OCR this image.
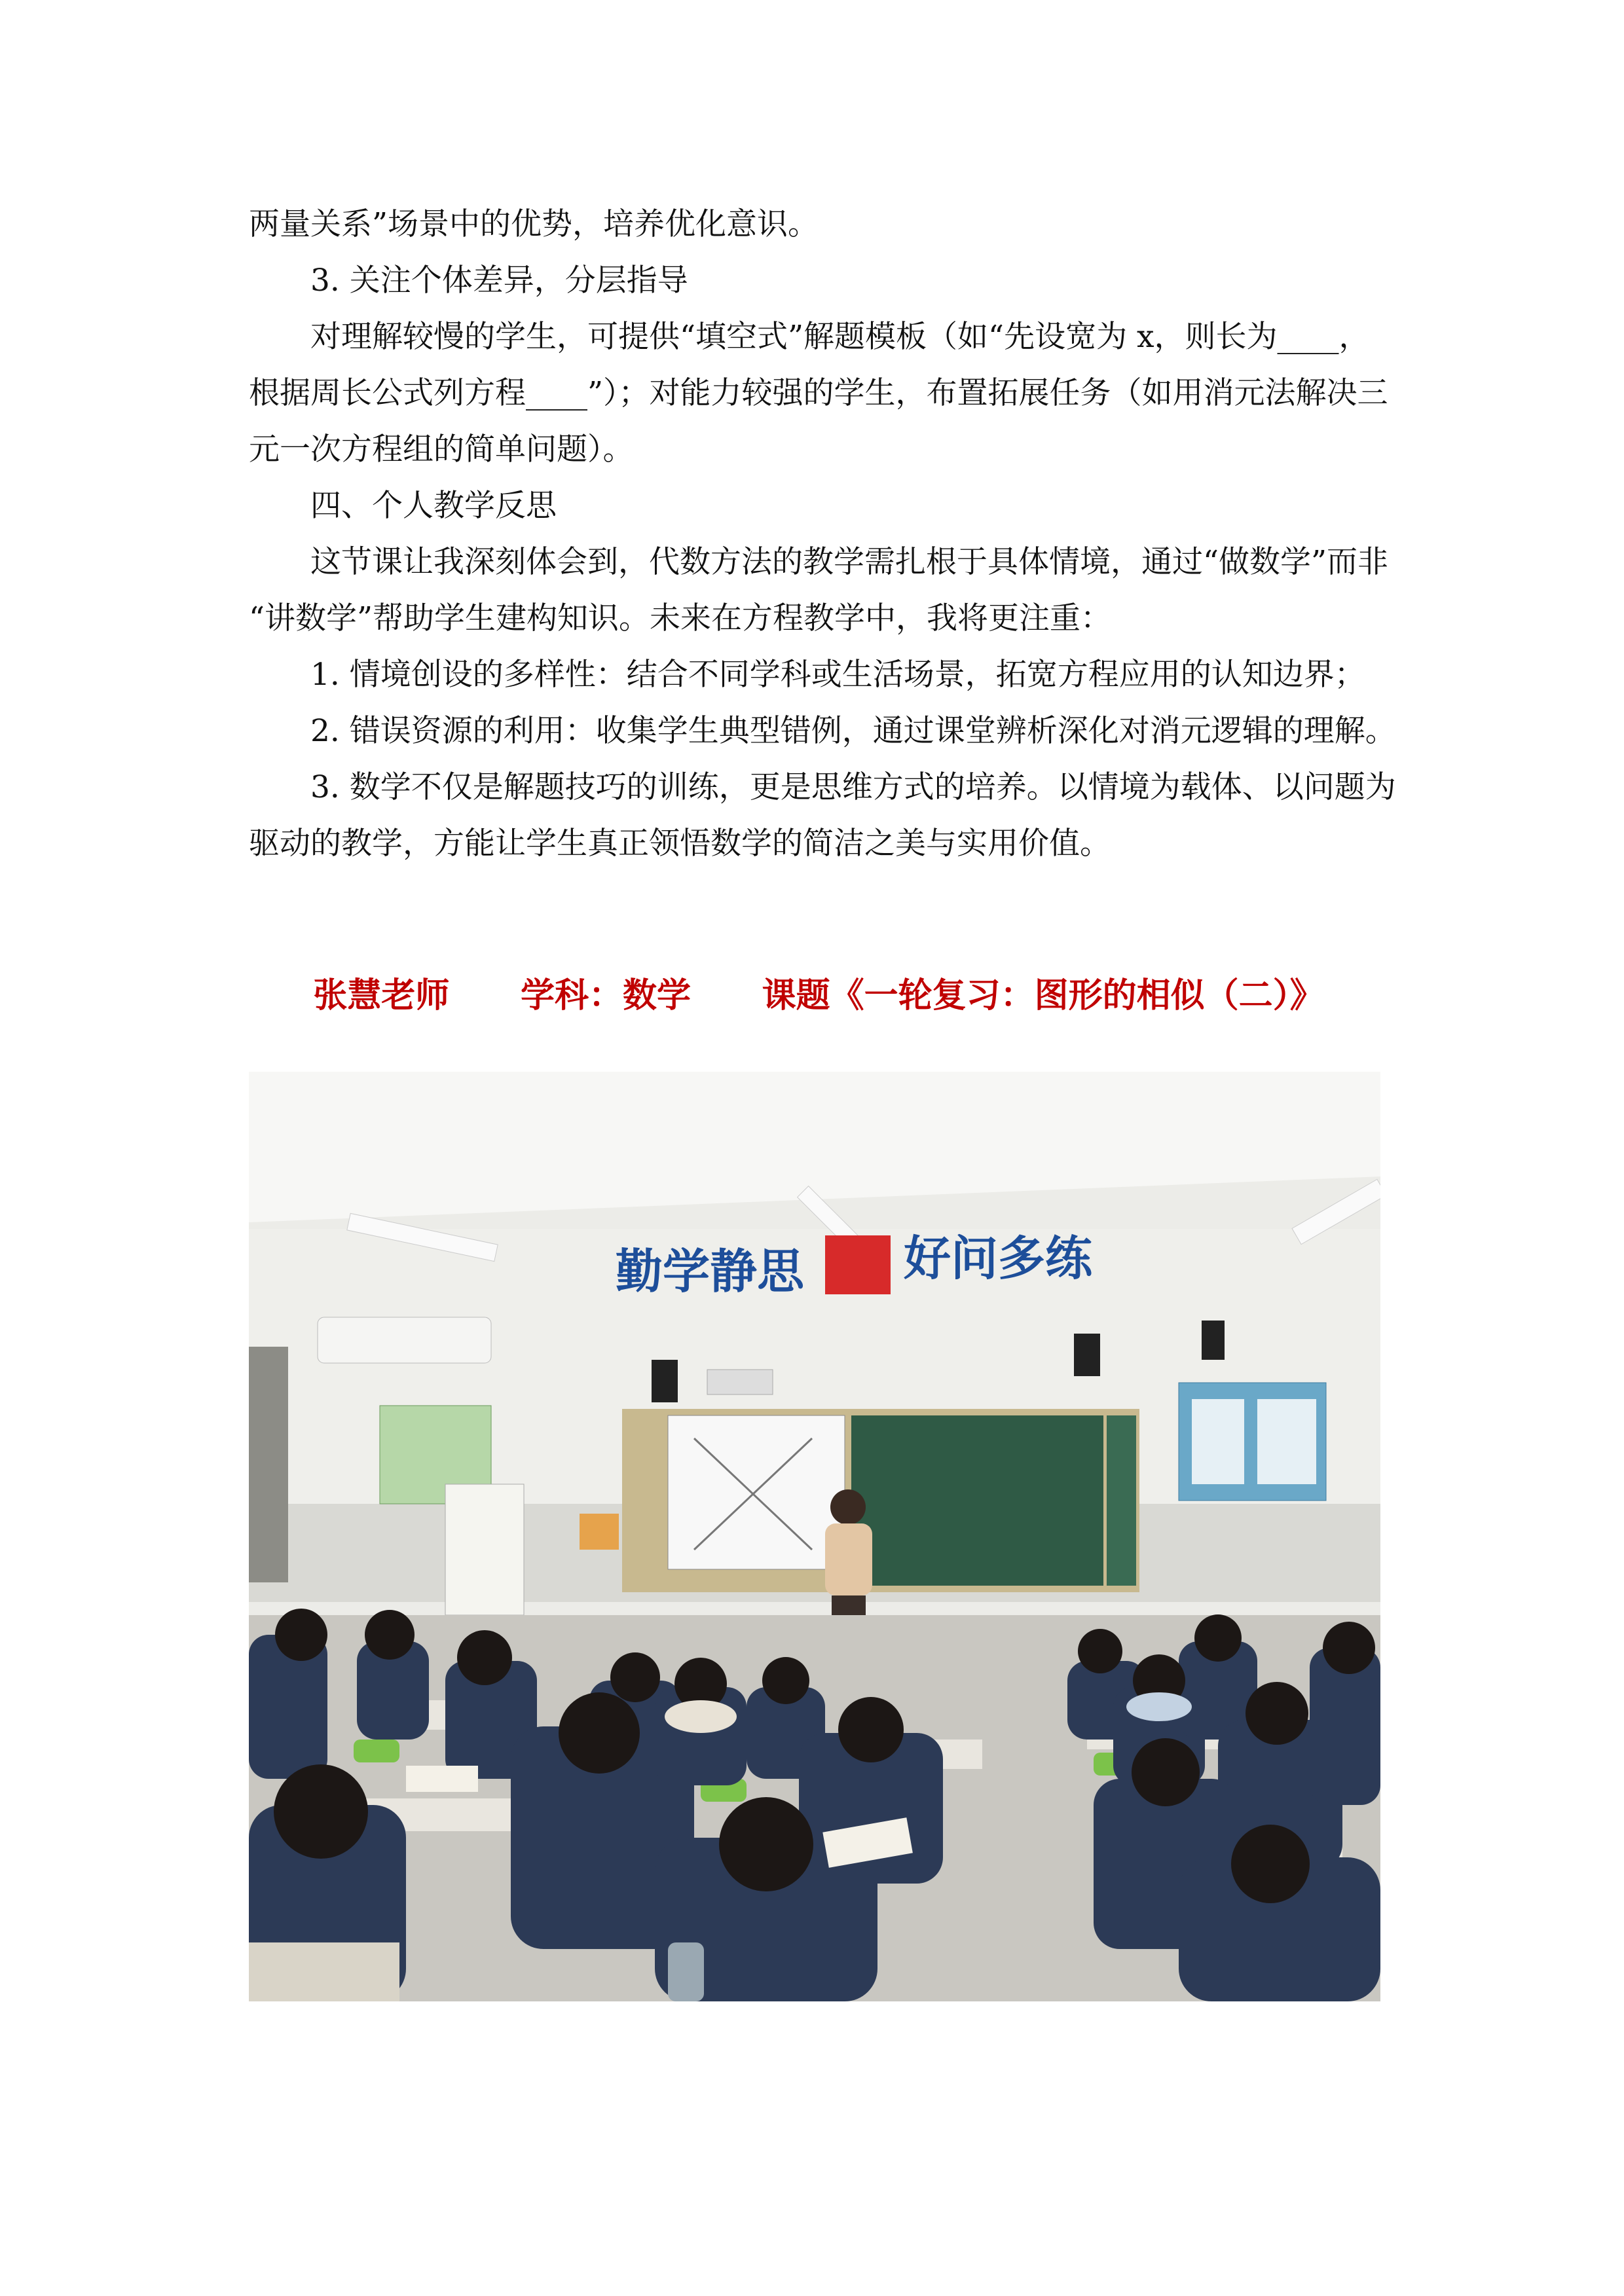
两量关系”场景中的优势，培养优化意识。

3. 关注个体差异，分层指导

对理解较慢的学生，可提供“填空式”解题模板（如“先设宽为 x，则长为____，

根据周长公式列方程____”）；对能力较强的学生，布置拓展任务（如用消元法解决三

元一次方程组的简单问题）。

四、个人教学反思

这节课让我深刻体会到，代数方法的教学需扎根于具体情境，通过“做数学”而非

“讲数学”帮助学生建构知识。未来在方程教学中，我将更注重：

1. 情境创设的多样性：结合不同学科或生活场景，拓宽方程应用的认知边界；

2. 错误资源的利用：收集学生典型错例，通过课堂辨析深化对消元逻辑的理解。

3. 数学不仅是解题技巧的训练，更是思维方式的培养。以情境为载体、以问题为

驱动的教学，方能让学生真正领悟数学的简洁之美与实用价值。

张慧老师 学科：数学 课题《一轮复习：图形的相似（二）》
勤学静思 好问多练
